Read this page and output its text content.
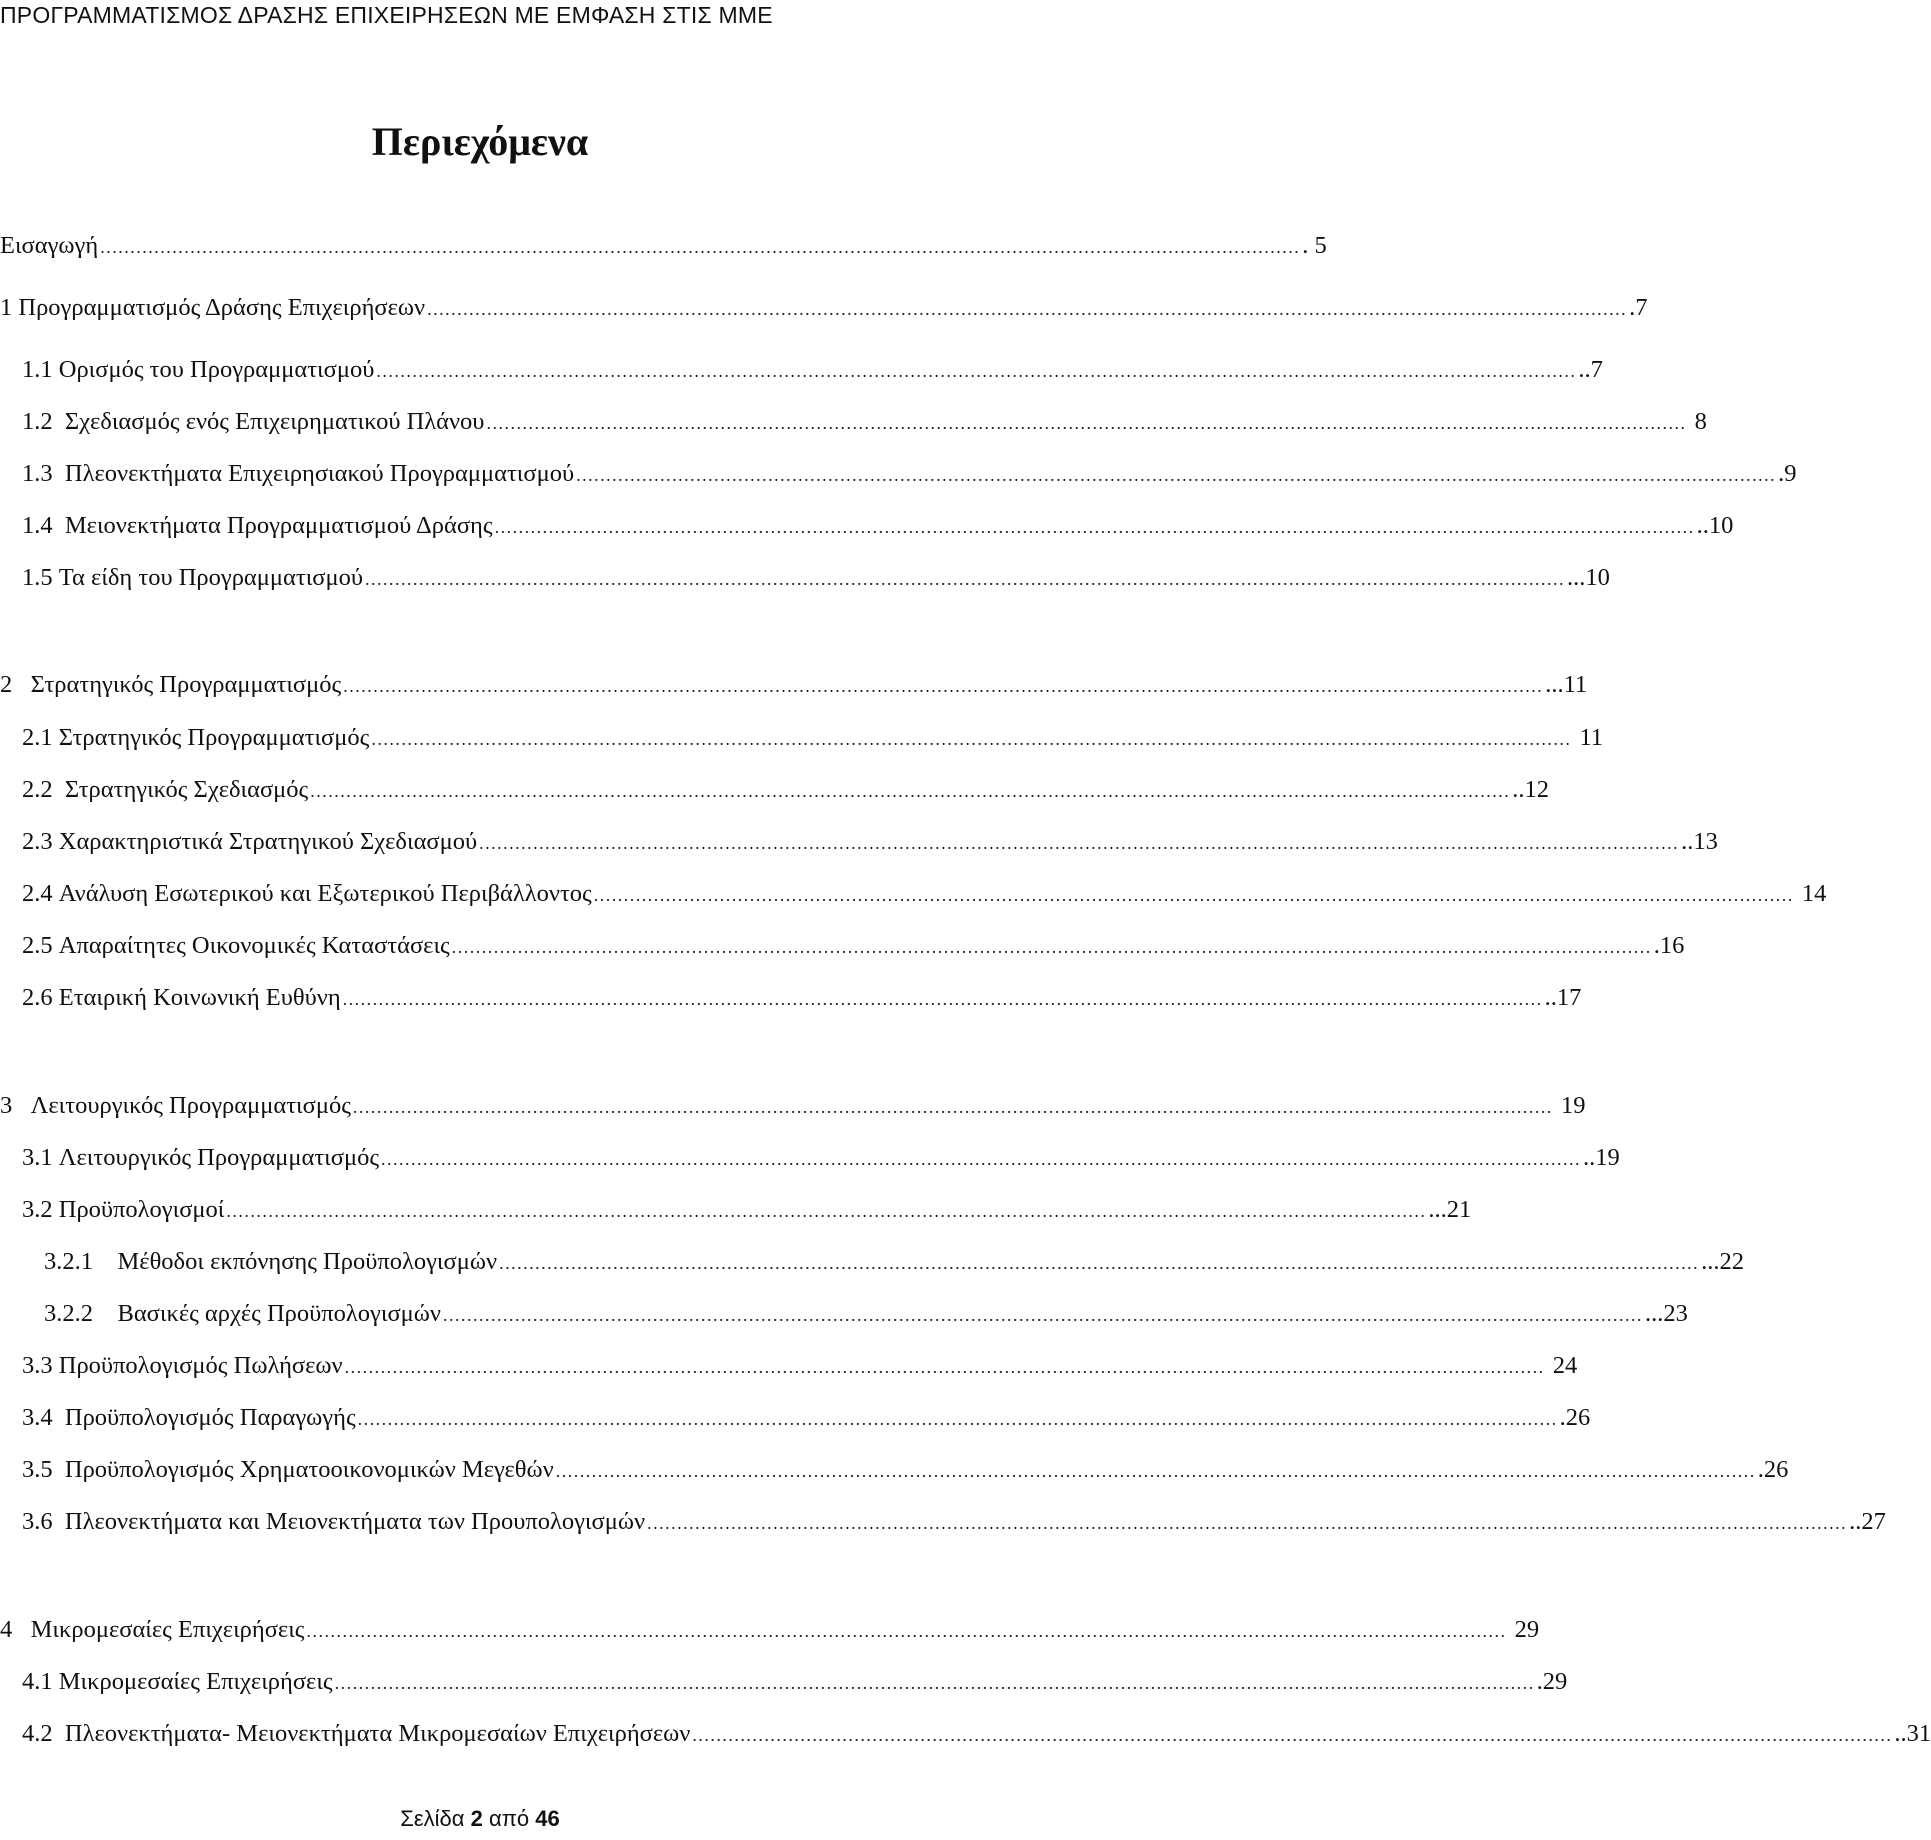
ΠΡΟΓΡΑΜΜΑΤΙΣΜΟΣ ΔΡΑΣΗΣ ΕΠΙΧΕΙΡΗΣΕΩΝ ΜΕ ΕΜΦΑΣΗ ΣΤΙΣ ΜΜΕ
Περιεχόμενα
Εισαγωγή ........................................................................................................................................................................................................ . 5
1 Προγραμματισμός Δράσης Επιχειρήσεων ........................................................................................................................................................................................................ .7
1.1 Ορισμός του Προγραμματισμού ........................................................................................................................................................................................................ ..7
1.2 Σχεδιασμός ενός Επιχειρηματικού Πλάνου ........................................................................................................................................................................................................ 8
1.3 Πλεονεκτήματα Επιχειρησιακού Προγραμματισμού ........................................................................................................................................................................................................ .9
1.4 Μειονεκτήματα Προγραμματισμού Δράσης ........................................................................................................................................................................................................ ..10
1.5 Τα είδη του Προγραμματισμού ........................................................................................................................................................................................................ ...10
2 Στρατηγικός Προγραμματισμός ........................................................................................................................................................................................................ ...11
2.1 Στρατηγικός Προγραμματισμός ........................................................................................................................................................................................................ 11
2.2 Στρατηγικός Σχεδιασμός ........................................................................................................................................................................................................ ..12
2.3 Χαρακτηριστικά Στρατηγικού Σχεδιασμού ........................................................................................................................................................................................................ ..13
2.4 Ανάλυση Εσωτερικού και Εξωτερικού Περιβάλλοντος ........................................................................................................................................................................................................ 14
2.5 Απαραίτητες Οικονομικές Καταστάσεις ........................................................................................................................................................................................................ .16
2.6 Εταιρική Κοινωνική Ευθύνη ........................................................................................................................................................................................................ ..17
3 Λειτουργικός Προγραμματισμός ........................................................................................................................................................................................................ 19
3.1 Λειτουργικός Προγραμματισμός ........................................................................................................................................................................................................ ..19
3.2 Προϋπολογισμοί ........................................................................................................................................................................................................ ...21
3.2.1 Μέθοδοι εκπόνησης Προϋπολογισμών ........................................................................................................................................................................................................ ...22
3.2.2 Βασικές αρχές Προϋπολογισμών ........................................................................................................................................................................................................ ...23
3.3 Προϋπολογισμός Πωλήσεων ........................................................................................................................................................................................................ 24
3.4 Προϋπολογισμός Παραγωγής ........................................................................................................................................................................................................ .26
3.5 Προϋπολογισμός Χρηματοοικονομικών Μεγεθών ........................................................................................................................................................................................................ .26
3.6 Πλεονεκτήματα και Μειονεκτήματα των Προυπολογισμών ........................................................................................................................................................................................................ ..27
4 Μικρομεσαίες Επιχειρήσεις ........................................................................................................................................................................................................ 29
4.1 Μικρομεσαίες Επιχειρήσεις ........................................................................................................................................................................................................ .29
4.2 Πλεονεκτήματα- Μειονεκτήματα Μικρομεσαίων Επιχειρήσεων ........................................................................................................................................................................................................ ..31
Σελίδα 2 από 46
